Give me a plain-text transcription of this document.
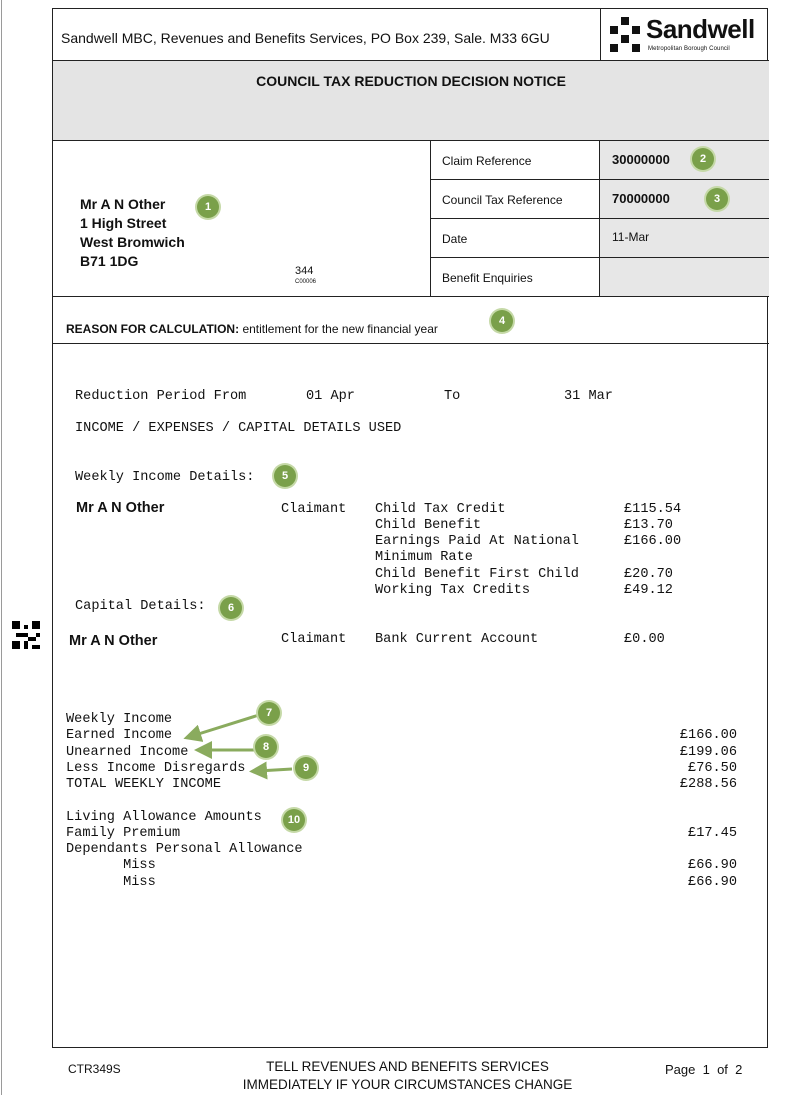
Sandwell MBC, Revenues and Benefits Services, PO Box 239, Sale. M33 6GU	Sandwell
Metropolitan Borough Council
COUNCIL TAX REDUCTION DECISION NOTICE
Mr A N Other
1 High Street
West Bromwich
B71 1DG
344
C00006
Claim Reference	30000000
Council Tax Reference	70000000
Date	11-Mar
Benefit Enquiries
REASON FOR CALCULATION: entitlement for the new financial year
Reduction Period From	01 Apr	To	31 Mar
INCOME / EXPENSES / CAPITAL DETAILS USED
Weekly Income Details:
Mr A N Other	Claimant Child Tax Credit	£115.54
Child Benefit	£13.70
Earnings Paid At National	£166.00
Minimum Rate
Child Benefit First Child	£20.70
Working Tax Credits	£49.12
Capital Details:
Mr A N Other	Claimant Bank Current Account	£0.00
Weekly Income
Earned Income	£166.00
Unearned Income	£199.06
Less Income Disregards	£76.50
TOTAL WEEKLY INCOME	£288.56
Living Allowance Amounts
Family Premium	£17.45
Dependants Personal Allowance
Miss	£66.90
Miss	£66.90
1
2
3
4
5
6
7
8
9
10
CTR349S	TELL REVENUES AND BENEFITS SERVICES
IMMEDIATELY IF YOUR CIRCUMSTANCES CHANGE
Page 1 of 2
